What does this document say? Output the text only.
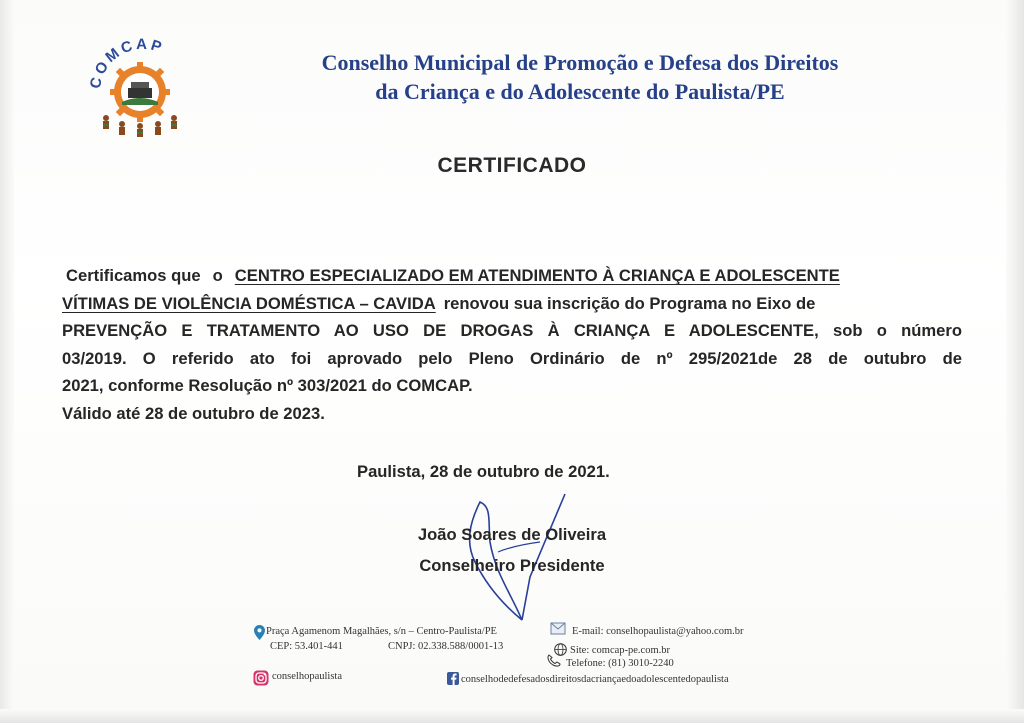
COMCAP
Conselho Municipal de Promoção e Defesa dos Direitos
da Criança e do Adolescente do Paulista/PE
CERTIFICADO
Certificamos que o CENTRO ESPECIALIZADO EM ATENDIMENTO À CRIANÇA E ADOLESCENTE
VÍTIMAS DE VIOLÊNCIA DOMÉSTICA – CAVIDA renovou sua inscrição do Programa no Eixo de
PREVENÇÃO E TRATAMENTO AO USO DE DROGAS À CRIANÇA E ADOLESCENTE, sob o número
03/2019. O referido ato foi aprovado pelo Pleno Ordinário de nº 295/2021de 28 de outubro de
2021, conforme Resolução nº 303/2021 do COMCAP.
Válido até 28 de outubro de 2023.
Paulista, 28 de outubro de 2021.
João Soares de Oliveira
Conselheiro Presidente
Praça Agamenom Magalhães, s/n – Centro-Paulista/PE
CEP: 53.401-441	CNPJ: 02.338.588/0001-13
E-mail: conselhopaulista@yahoo.com.br
Site: comcap-pe.com.br
Telefone: (81) 3010-2240
conselhopaulista	conselhodedefesadosdireitosdacriançaedoadolescentedopaulista
